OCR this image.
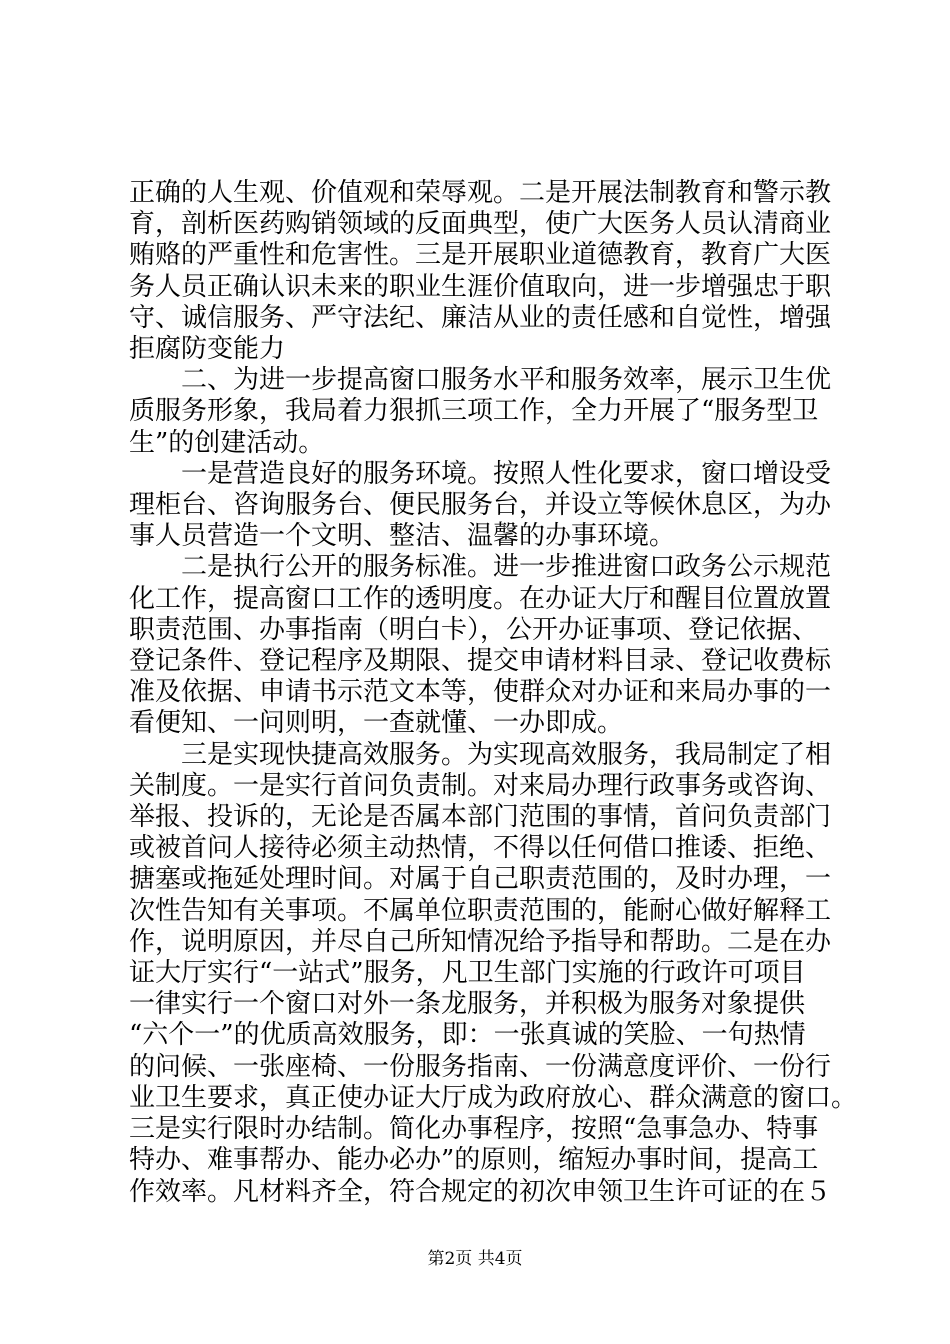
正确的人生观、价值观和荣辱观。二是开展法制教育和警示教
育，剖析医药购销领域的反面典型，使广大医务人员认清商业
贿赂的严重性和危害性。三是开展职业道德教育，教育广大医
务人员正确认识未来的职业生涯价值取向，进一步增强忠于职
守、诚信服务、严守法纪、廉洁从业的责任感和自觉性，增强
拒腐防变能力
　　二、为进一步提高窗口服务水平和服务效率，展示卫生优
质服务形象，我局着力狠抓三项工作，全力开展了“服务型卫
生”的创建活动。
　　一是营造良好的服务环境。按照人性化要求，窗口增设受
理柜台、咨询服务台、便民服务台，并设立等候休息区，为办
事人员营造一个文明、整洁、温馨的办事环境。
　　二是执行公开的服务标准。进一步推进窗口政务公示规范
化工作，提高窗口工作的透明度。在办证大厅和醒目位置放置
职责范围、办事指南（明白卡），公开办证事项、登记依据、
登记条件、登记程序及期限、提交申请材料目录、登记收费标
准及依据、申请书示范文本等，使群众对办证和来局办事的一
看便知、一问则明，一查就懂、一办即成。
　　三是实现快捷高效服务。为实现高效服务，我局制定了相
关制度。一是实行首问负责制。对来局办理行政事务或咨询、
举报、投诉的，无论是否属本部门范围的事情，首问负责部门
或被首问人接待必须主动热情，不得以任何借口推诿、拒绝、
搪塞或拖延处理时间。对属于自己职责范围的，及时办理，一
次性告知有关事项。不属单位职责范围的，能耐心做好解释工
作，说明原因，并尽自己所知情况给予指导和帮助。二是在办
证大厅实行“一站式”服务，凡卫生部门实施的行政许可项目
一律实行一个窗口对外一条龙服务，并积极为服务对象提供
“六个一”的优质高效服务，即：一张真诚的笑脸、一句热情
的问候、一张座椅、一份服务指南、一份满意度评价、一份行
业卫生要求，真正使办证大厅成为政府放心、群众满意的窗口。
三是实行限时办结制。简化办事程序，按照“急事急办、特事
特办、难事帮办、能办必办”的原则，缩短办事时间，提高工
作效率。凡材料齐全，符合规定的初次申领卫生许可证的在５
第2页 共4页
